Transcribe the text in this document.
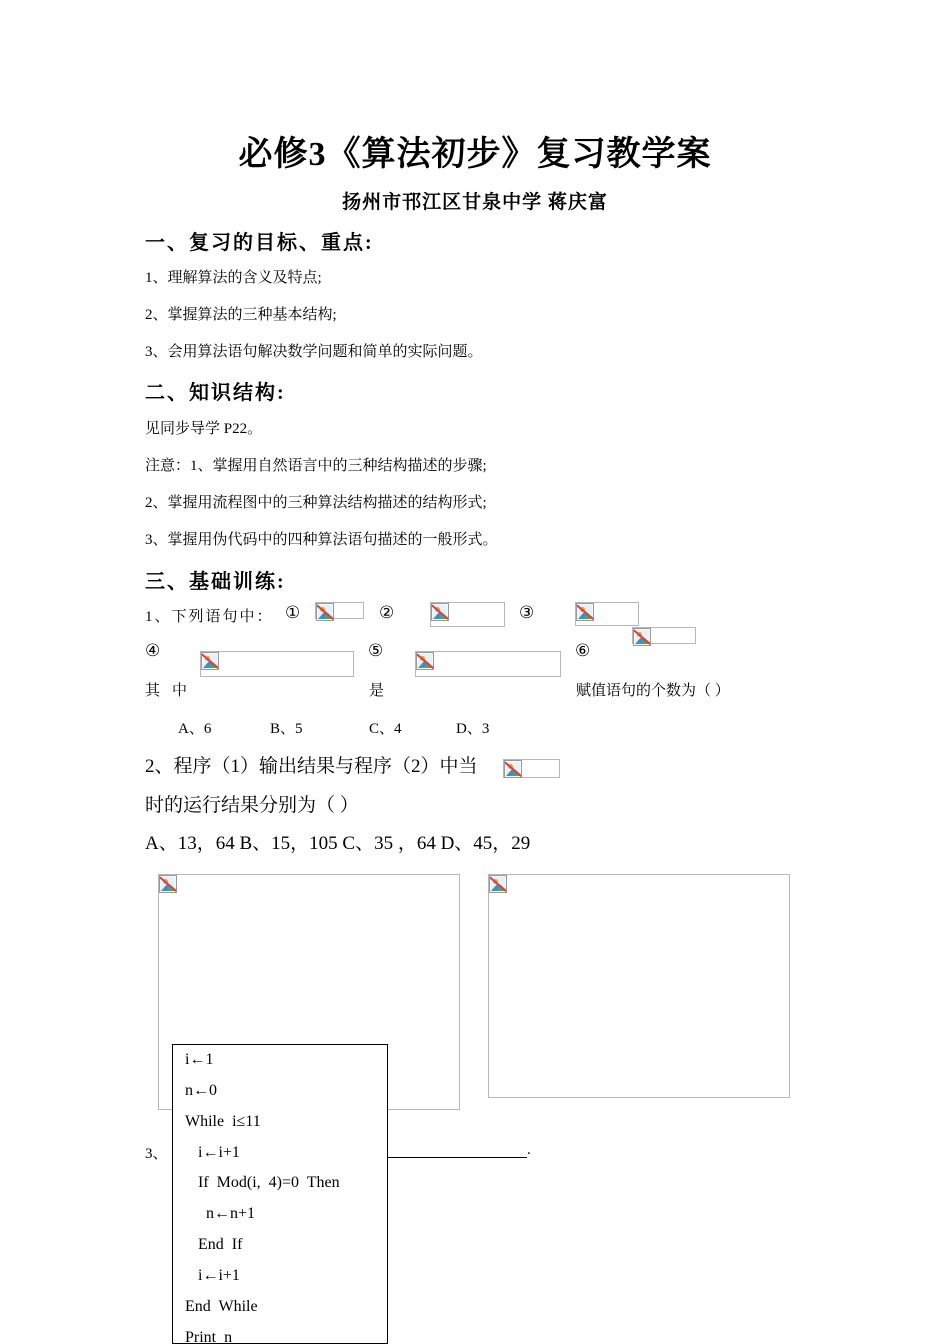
必修3《算法初步》复习教学案
扬州市邗江区甘泉中学 蒋庆富
一、复习的目标、重点:
1、理解算法的含义及特点;
2、掌握算法的三种基本结构;
3、会用算法语句解决数学问题和简单的实际问题。
二、知识结构:
见同步导学 P22。
注意：1、掌握用自然语言中的三种结构描述的步骤;
2、掌握用流程图中的三种算法结构描述的结构形式;
3、掌握用伪代码中的四种算法语句描述的一般形式。
三、基础训练:
1、下列语句中： ①	②	③
④	⑤	⑥
其 中	是	赋值语句的个数为（ ）
A、6	B、5	C、4	D、3
2、程序（1）输出结果与程序（2）中当
时的运行结果分别为（ ）
A、13，64 B、15，105 C、35 ，64 D、45，29
3、	.
i←1
n←0
While i≤11
i←i+1
If Mod(i, 4)=0 Then
n←n+1
End If
i←i+1
End While
Print n
